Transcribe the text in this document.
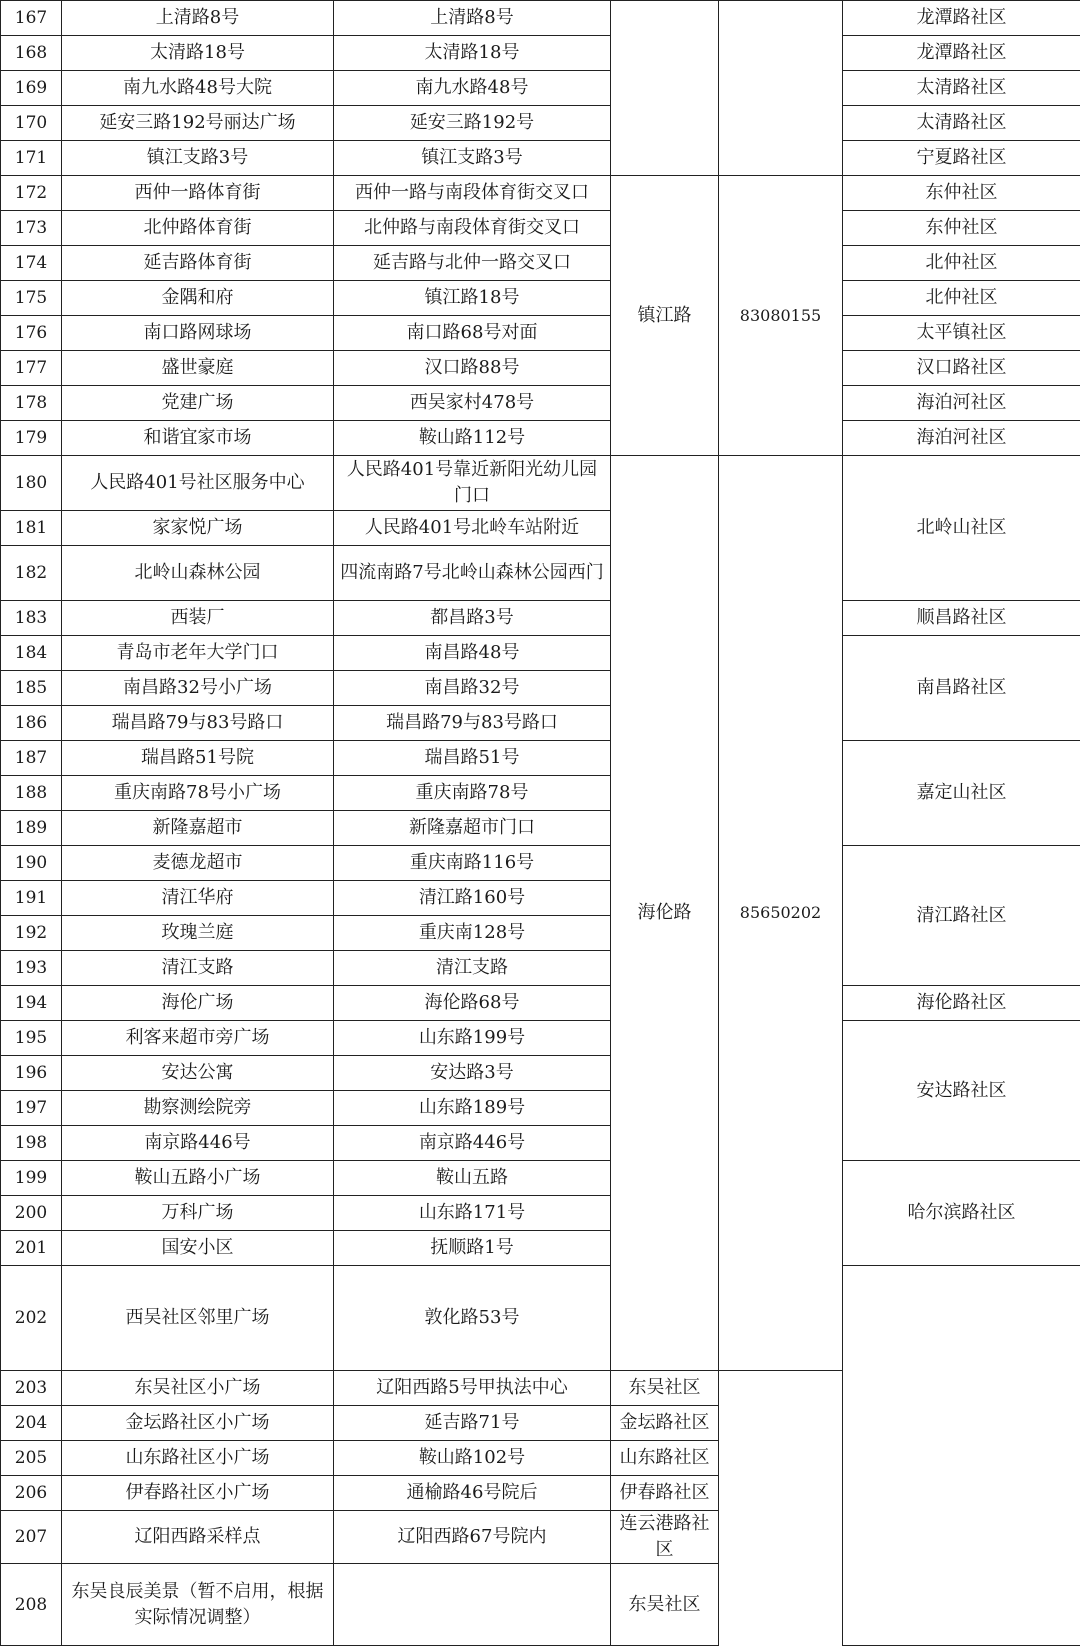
167	上清路8号	上清路8号			龙潭路社区	
168	太清路18号	太清路18号			龙潭路社区	
169	南九水路48号大院	南九水路48号			太清路社区	
170	延安三路192号丽达广场	延安三路192号			太清路社区	
171	镇江支路3号	镇江支路3号			宁夏路社区	
172	西仲一路体育街	西仲一路与南段体育街交叉口	镇江路	83080155	东仲社区	
173	北仲路体育街	北仲路与南段体育街交叉口			东仲社区	
174	延吉路体育街	延吉路与北仲一路交叉口			北仲社区	
175	金隅和府	镇江路18号			北仲社区	
176	南口路网球场	南口路68号对面			太平镇社区	
177	盛世豪庭	汉口路88号			汉口路社区	
178	党建广场	西吴家村478号			海泊河社区	
179	和谐宜家市场	鞍山路112号			海泊河社区	
180	人民路401号社区服务中心	人民路401号靠近新阳光幼儿园门口	海伦路	85650202	北岭山社区	
181	家家悦广场	人民路401号北岭车站附近				
182	北岭山森林公园	四流南路7号北岭山森林公园西门				
183	西装厂	都昌路3号			顺昌路社区	
184	青岛市老年大学门口	南昌路48号			南昌路社区	
185	南昌路32号小广场	南昌路32号				
186	瑞昌路79与83号路口	瑞昌路79与83号路口				
187	瑞昌路51号院	瑞昌路51号			嘉定山社区	
188	重庆南路78号小广场	重庆南路78号				
189	新隆嘉超市	新隆嘉超市门口				
190	麦德龙超市	重庆南路116号			清江路社区	
191	清江华府	清江路160号				
192	玫瑰兰庭	重庆南128号				
193	清江支路	清江支路				
194	海伦广场	海伦路68号			海伦路社区	
195	利客来超市旁广场	山东路199号			安达路社区	
196	安达公寓	安达路3号				
197	勘察测绘院旁	山东路189号				
198	南京路446号	南京路446号				
199	鞍山五路小广场	鞍山五路			哈尔滨路社区	
200	万科广场	山东路171号				
201	国安小区	抚顺路1号				
202	西吴社区邻里广场	敦化路53号			
203	东吴社区小广场	辽阳西路5号甲执法中心	东吴社区			
204	金坛路社区小广场	延吉路71号	金坛路社区			
205	山东路社区小广场	鞍山路102号	山东路社区			
206	伊春路社区小广场	通榆路46号院后	伊春路社区			
207	辽阳西路采样点	辽阳西路67号院内	连云港路社区			
208	东吴良辰美景（暂不启用，根据实际情况调整）		东吴社区			
